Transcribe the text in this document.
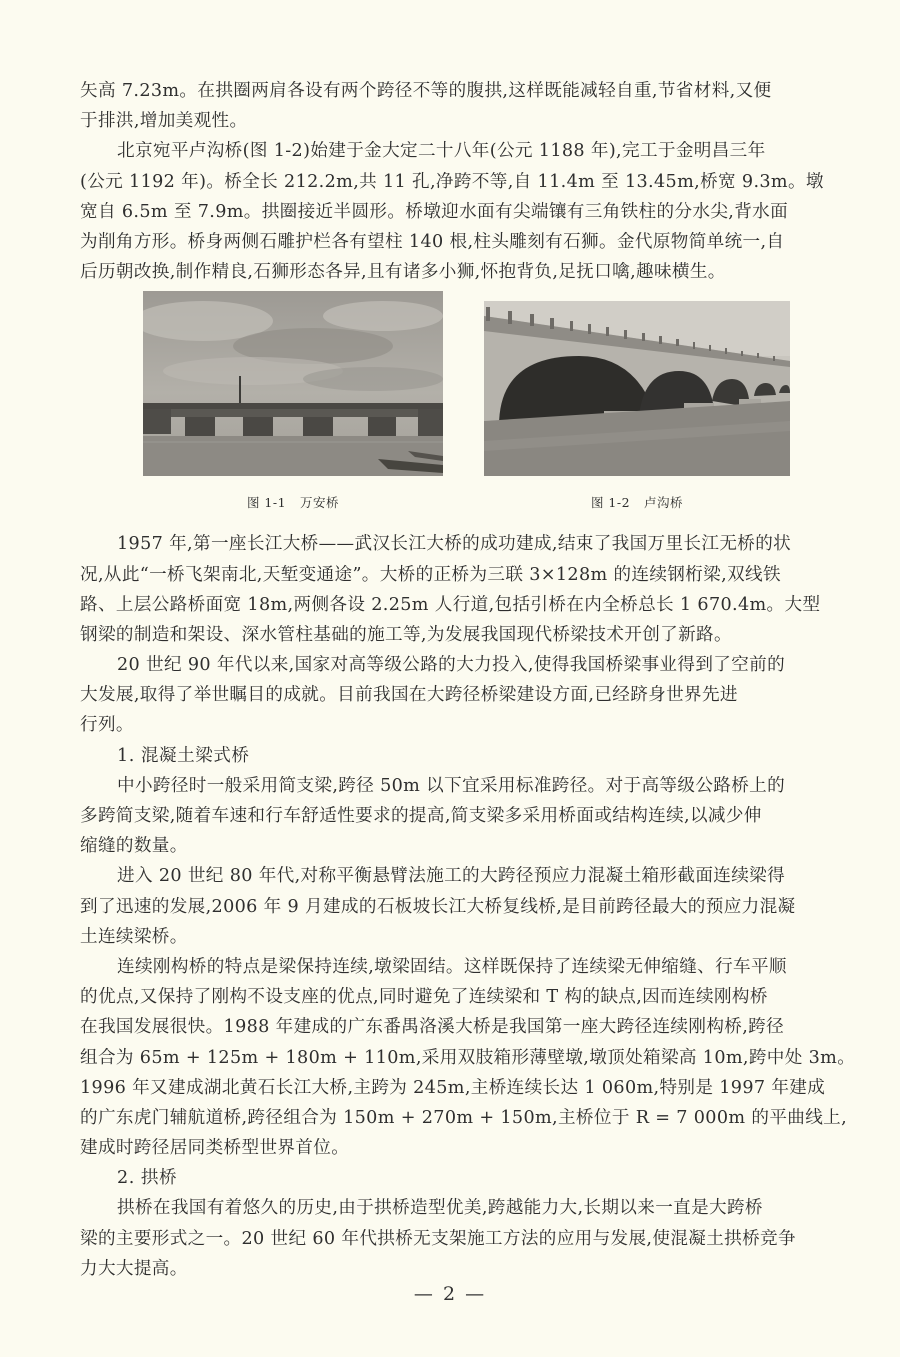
矢高 7.23m。在拱圈两肩各设有两个跨径不等的腹拱,这样既能减轻自重,节省材料,又便
于排洪,增加美观性。
北京宛平卢沟桥(图 1-2)始建于金大定二十八年(公元 1188 年),完工于金明昌三年
(公元 1192 年)。桥全长 212.2m,共 11 孔,净跨不等,自 11.4m 至 13.45m,桥宽 9.3m。墩
宽自 6.5m 至 7.9m。拱圈接近半圆形。桥墩迎水面有尖端镶有三角铁柱的分水尖,背水面
为削角方形。桥身两侧石雕护栏各有望柱 140 根,柱头雕刻有石狮。金代原物简单统一,自
后历朝改换,制作精良,石狮形态各异,且有诸多小狮,怀抱背负,足抚口噙,趣味横生。
图 1-1 万安桥	图 1-2 卢沟桥
1957 年,第一座长江大桥——武汉长江大桥的成功建成,结束了我国万里长江无桥的状
况,从此“一桥飞架南北,天堑变通途”。大桥的正桥为三联 3×128m 的连续钢桁梁,双线铁
路、上层公路桥面宽 18m,两侧各设 2.25m 人行道,包括引桥在内全桥总长 1 670.4m。大型
钢梁的制造和架设、深水管柱基础的施工等,为发展我国现代桥梁技术开创了新路。
20 世纪 90 年代以来,国家对高等级公路的大力投入,使得我国桥梁事业得到了空前的
大发展,取得了举世瞩目的成就。目前我国在大跨径桥梁建设方面,已经跻身世界先进
行列。
1. 混凝土梁式桥
中小跨径时一般采用简支梁,跨径 50m 以下宜采用标准跨径。对于高等级公路桥上的
多跨简支梁,随着车速和行车舒适性要求的提高,简支梁多采用桥面或结构连续,以减少伸
缩缝的数量。
进入 20 世纪 80 年代,对称平衡悬臂法施工的大跨径预应力混凝土箱形截面连续梁得
到了迅速的发展,2006 年 9 月建成的石板坡长江大桥复线桥,是目前跨径最大的预应力混凝
土连续梁桥。
连续刚构桥的特点是梁保持连续,墩梁固结。这样既保持了连续梁无伸缩缝、行车平顺
的优点,又保持了刚构不设支座的优点,同时避免了连续梁和 T 构的缺点,因而连续刚构桥
在我国发展很快。1988 年建成的广东番禺洛溪大桥是我国第一座大跨径连续刚构桥,跨径
组合为 65m + 125m + 180m + 110m,采用双肢箱形薄壁墩,墩顶处箱梁高 10m,跨中处 3m。
1996 年又建成湖北黄石长江大桥,主跨为 245m,主桥连续长达 1 060m,特别是 1997 年建成
的广东虎门辅航道桥,跨径组合为 150m + 270m + 150m,主桥位于 R = 7 000m 的平曲线上,
建成时跨径居同类桥型世界首位。
2. 拱桥
拱桥在我国有着悠久的历史,由于拱桥造型优美,跨越能力大,长期以来一直是大跨桥
梁的主要形式之一。20 世纪 60 年代拱桥无支架施工方法的应用与发展,使混凝土拱桥竞争
力大大提高。
— 2 —
